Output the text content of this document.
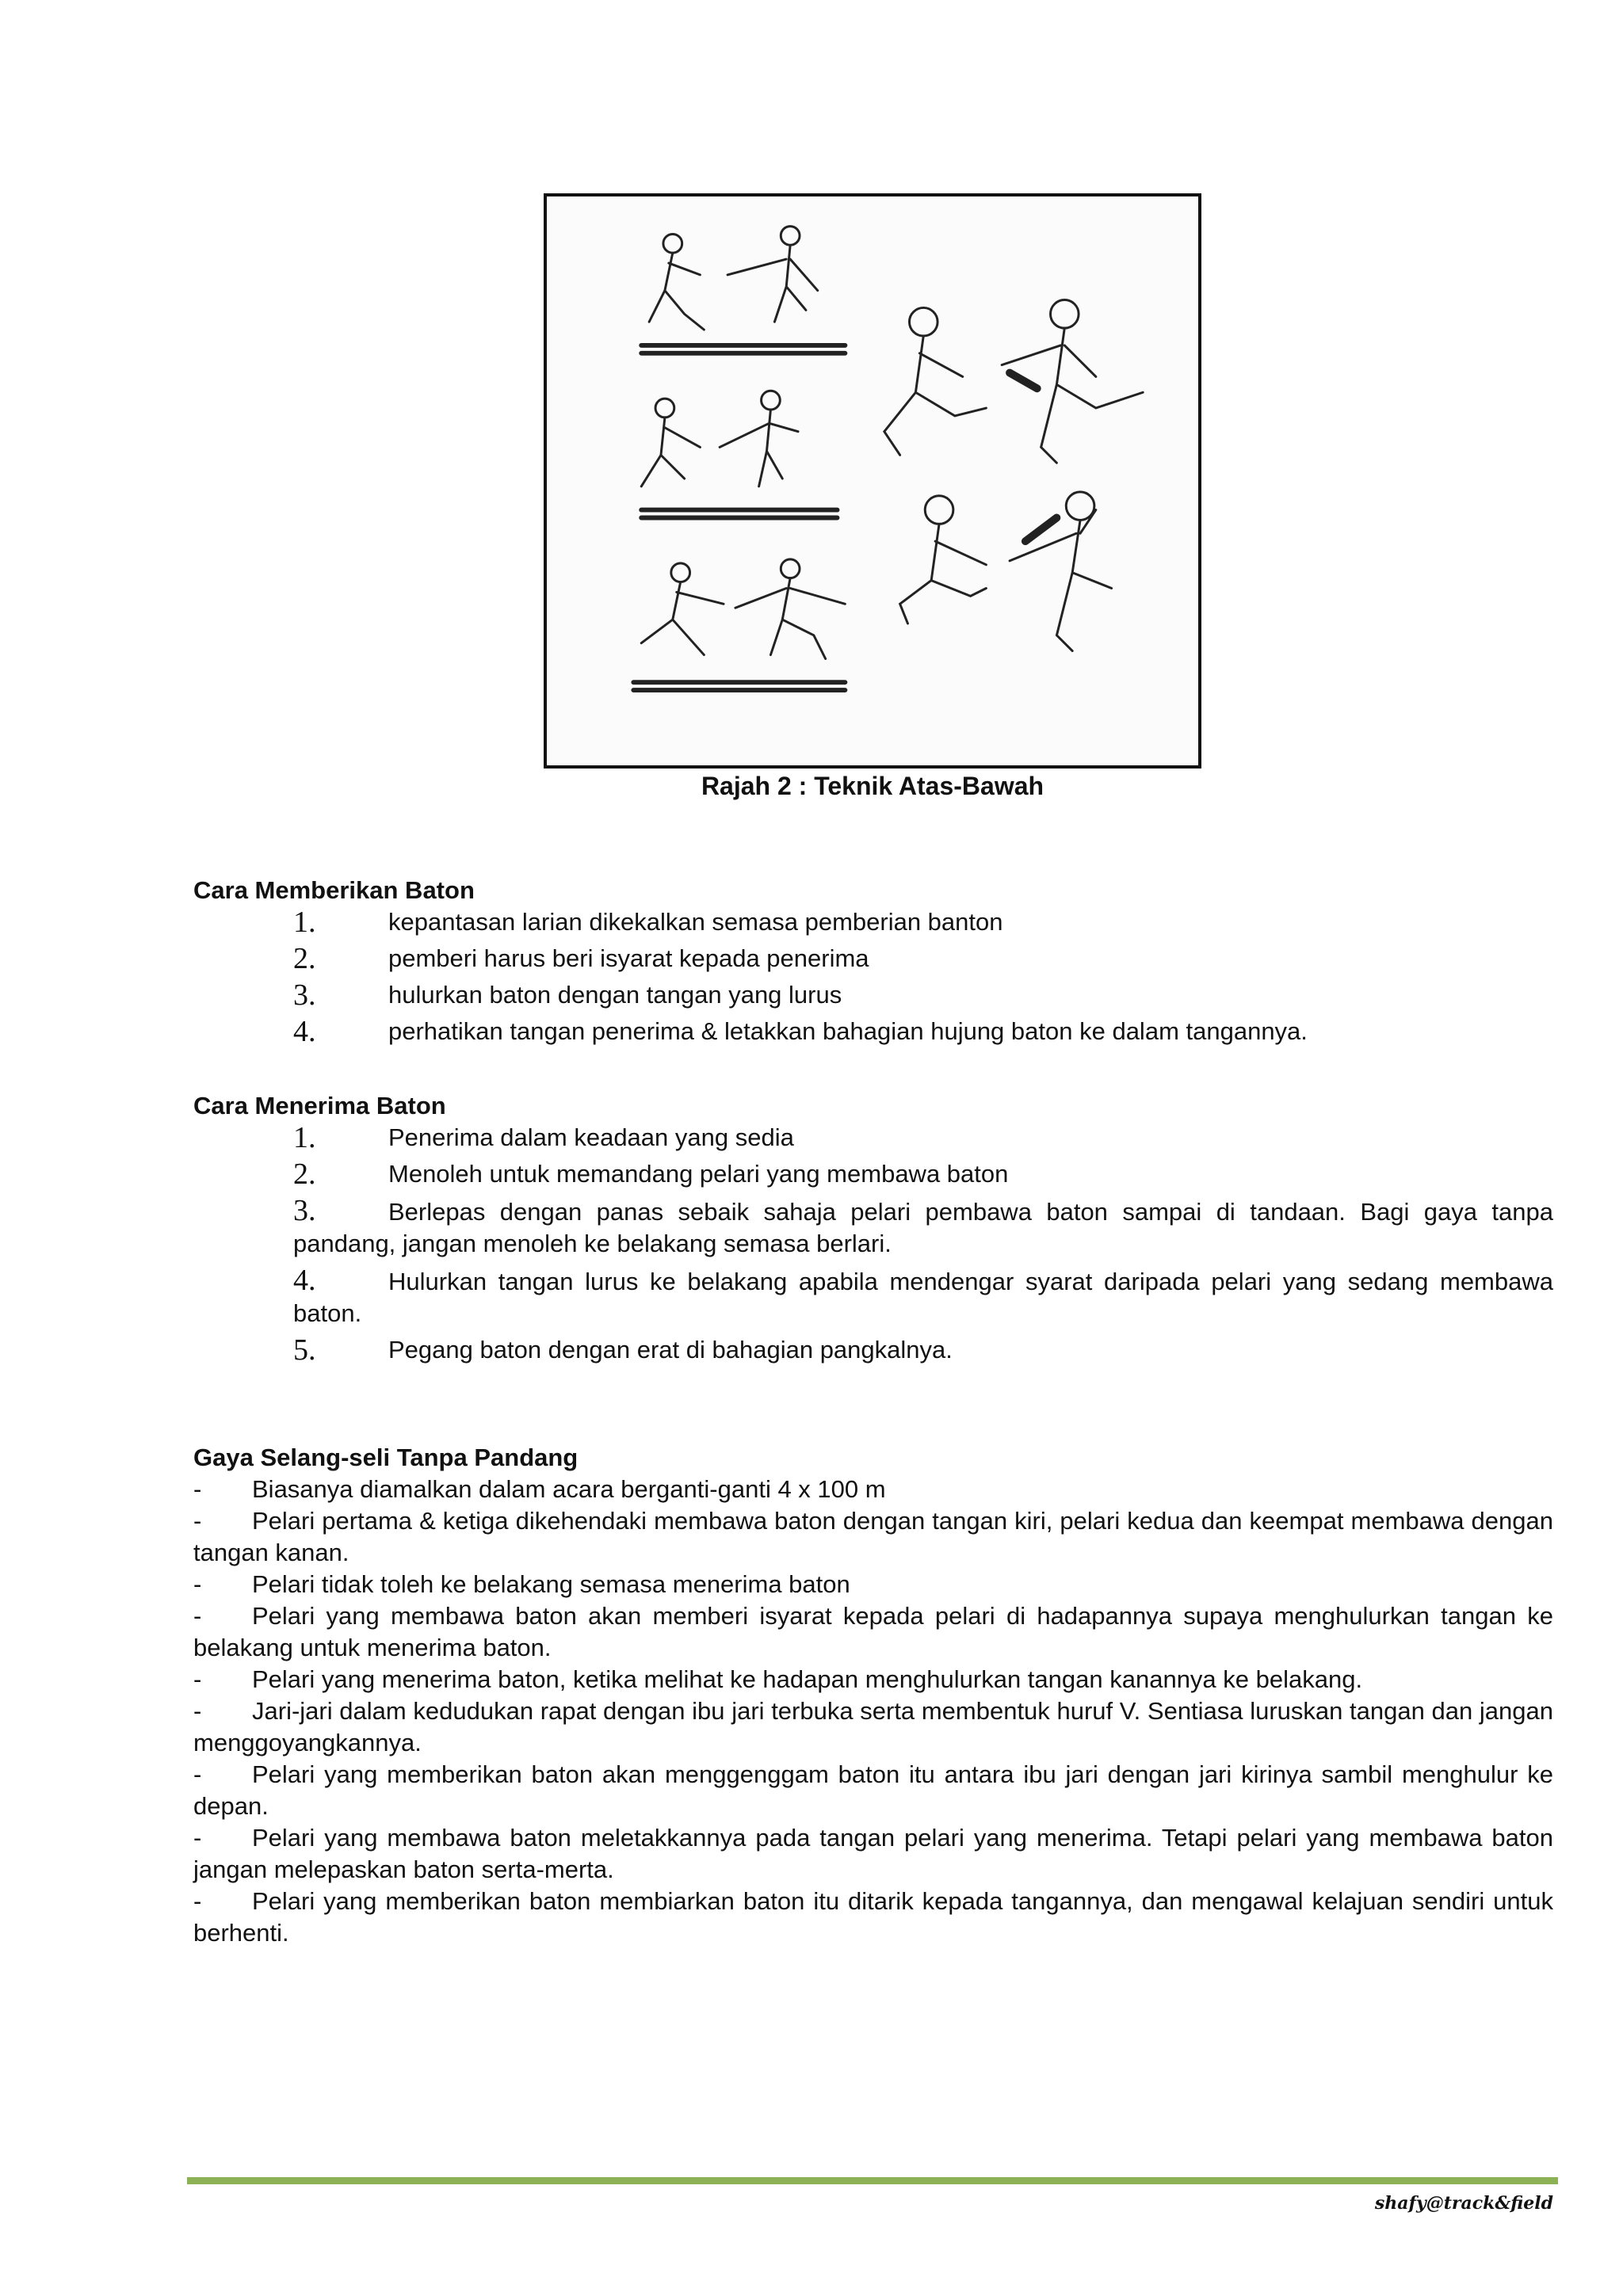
Rajah 2 : Teknik Atas-Bawah
Cara Memberikan Baton
1.	kepantasan larian dikekalkan semasa pemberian banton
2.	pemberi harus beri isyarat kepada penerima
3.	hulurkan baton dengan tangan yang lurus
4.	perhatikan tangan penerima & letakkan bahagian hujung baton ke dalam tangannya.
Cara Menerima Baton
1.	Penerima dalam keadaan yang sedia
2.	Menoleh untuk memandang pelari yang membawa baton
3.	Berlepas dengan panas sebaik sahaja pelari pembawa baton sampai di tandaan. Bagi gaya tanpa pandang, jangan menoleh ke belakang semasa berlari.
4.	Hulurkan tangan lurus ke belakang apabila mendengar syarat daripada pelari yang sedang membawa baton.
5.	Pegang baton dengan erat di bahagian pangkalnya.
Gaya Selang-seli Tanpa Pandang
- Biasanya diamalkan dalam acara berganti-ganti 4 x 100 m
- Pelari pertama & ketiga dikehendaki membawa baton dengan tangan kiri, pelari kedua dan keempat membawa dengan tangan kanan.
- Pelari tidak toleh ke belakang semasa menerima baton
- Pelari yang membawa baton akan memberi isyarat kepada pelari di hadapannya supaya menghulurkan tangan ke belakang untuk menerima baton.
- Pelari yang menerima baton, ketika melihat ke hadapan menghulurkan tangan kanannya ke belakang.
- Jari-jari dalam kedudukan rapat dengan ibu jari terbuka serta membentuk huruf V. Sentiasa luruskan tangan dan jangan menggoyangkannya.
- Pelari yang memberikan baton akan menggenggam baton itu antara ibu jari dengan jari kirinya sambil menghulur ke depan.
- Pelari yang membawa baton meletakkannya pada tangan pelari yang menerima. Tetapi pelari yang membawa baton jangan melepaskan baton serta-merta.
- Pelari yang memberikan baton membiarkan baton itu ditarik kepada tangannya, dan mengawal kelajuan sendiri untuk berhenti.
shafy@track&field
